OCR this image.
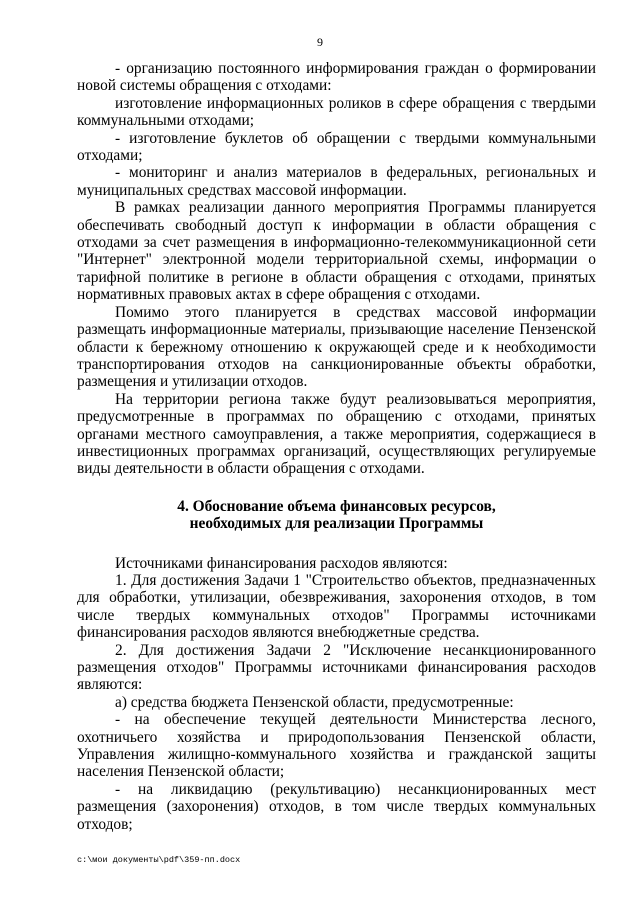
9

- организацию постоянного информирования граждан о формировании новой системы обращения с отходами:

изготовление информационных роликов в сфере обращения с твердыми коммунальными отходами;

- изготовление буклетов об обращении с твердыми коммунальными отходами;

- мониторинг и анализ материалов в федеральных, региональных и муниципальных средствах массовой информации.

В рамках реализации данного мероприятия Программы планируется обеспечивать свободный доступ к информации в области обращения с отходами за счет размещения в информационно-телекоммуникационной сети "Интернет" электронной модели территориальной схемы, информации о тарифной политике в регионе в области обращения с отходами, принятых нормативных правовых актах в сфере обращения с отходами.

Помимо этого планируется в средствах массовой информации размещать информационные материалы, призывающие население Пензенской области к бережному отношению к окружающей среде и к необходимости транспортирования отходов на санкционированные объекты обработки, размещения и утилизации отходов.

На территории региона также будут реализовываться мероприятия, предусмотренные в программах по обращению с отходами, принятых органами местного самоуправления, а также мероприятия, содержащиеся в инвестиционных программах организаций, осуществляющих регулируемые виды деятельности в области обращения с отходами.

4. Обоснование объема финансовых ресурсов,
необходимых для реализации Программы

Источниками финансирования расходов являются:

1. Для достижения Задачи 1 "Строительство объектов, предназначенных для обработки, утилизации, обезвреживания, захоронения отходов, в том числе твердых коммунальных отходов" Программы источниками финансирования расходов являются внебюджетные средства.

2. Для достижения Задачи 2 "Исключение несанкционированного размещения отходов" Программы источниками финансирования расходов являются:

а) средства бюджета Пензенской области, предусмотренные:

- на обеспечение текущей деятельности Министерства лесного, охотничьего хозяйства и природопользования Пензенской области, Управления жилищно-коммунального хозяйства и гражданской защиты населения Пензенской области;

- на ликвидацию (рекультивацию) несанкционированных мест размещения (захоронения) отходов, в том числе твердых коммунальных отходов;

c:\мои документы\pdf\359-пп.docx
